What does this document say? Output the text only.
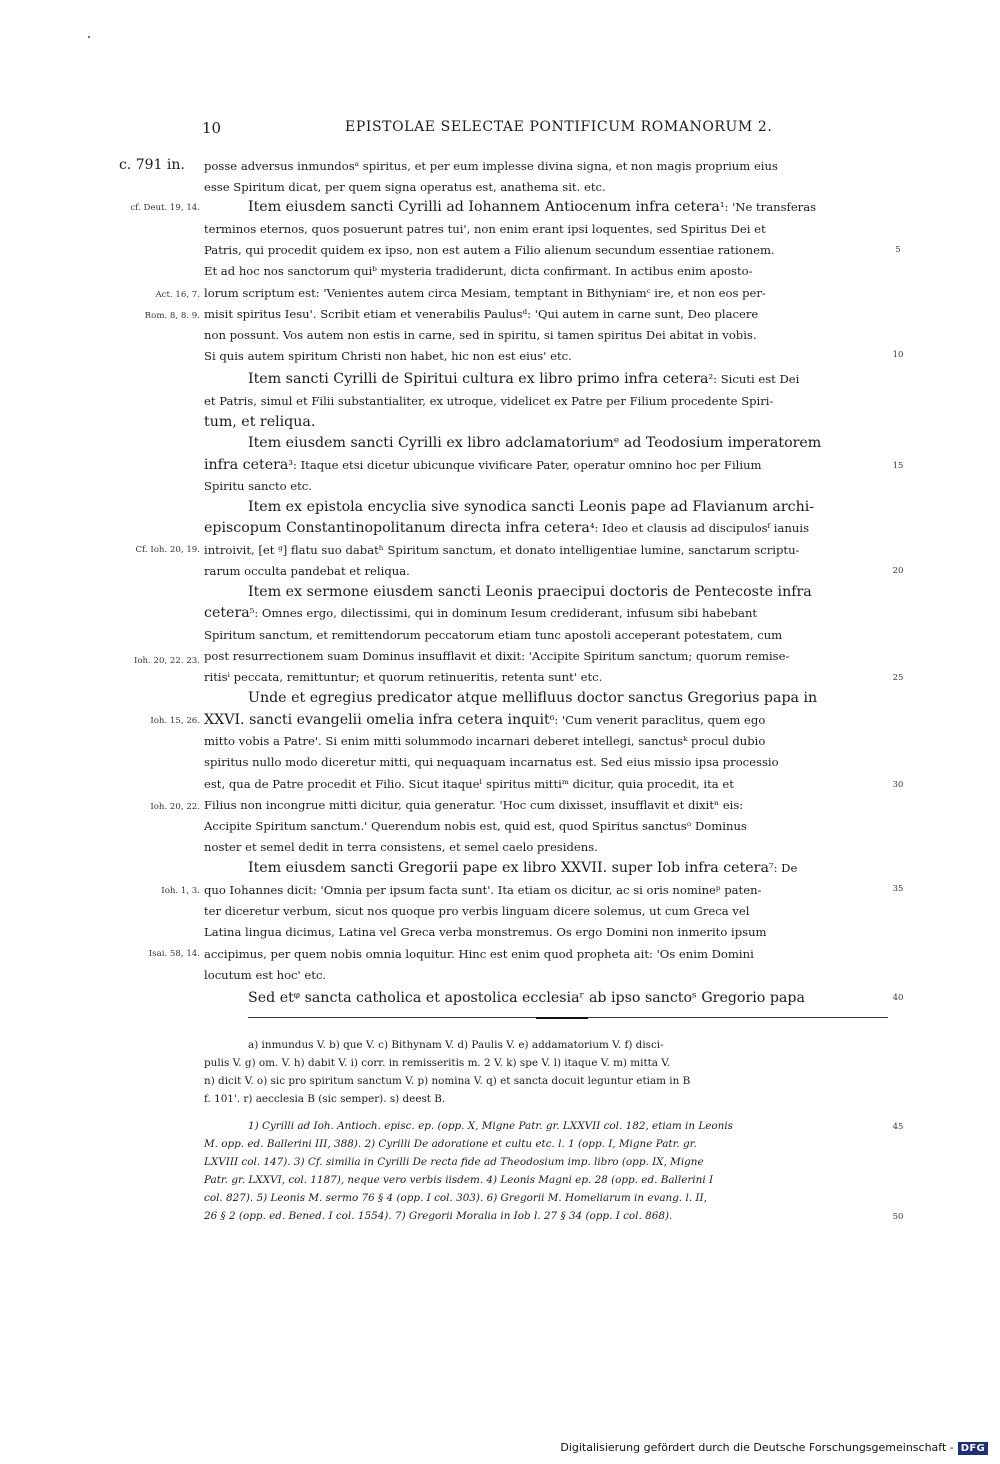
10	EPISTOLAE SELECTAE PONTIFICUM ROMANORUM 2.
c. 791 in.
cf. Deut. 19, 14.
Act. 16, 7.
Rom. 8, 8. 9.
Cf. Ioh. 20, 19.
Ioh. 20, 22. 23.
Ioh. 15, 26.
Ioh. 20, 22.
Ioh. 1, 3.
Isai. 58, 14.
5
10
15
20
25
30
35
40
45
50
posse adversus inmundosᵃ spiritus, et per eum implesse divina signa, et non magis proprium eius
esse Spiritum dicat, per quem signa operatus est, anathema sit. etc.
Item eiusdem sancti Cyrilli ad Iohannem Antiocenum infra cetera¹: 'Ne transferas
terminos eternos, quos posuerunt patres tui', non enim erant ipsi loquentes, sed Spiritus Dei et
Patris, qui procedit quidem ex ipso, non est autem a Filio alienum secundum essentiae rationem.
Et ad hoc nos sanctorum quiᵇ mysteria tradiderunt, dicta confirmant. In actibus enim aposto-
lorum scriptum est: 'Venientes autem circa Mesiam, temptant in Bithyniamᶜ ire, et non eos per-
misit spiritus Iesu'. Scribit etiam et venerabilis Paulusᵈ: 'Qui autem in carne sunt, Deo placere
non possunt. Vos autem non estis in carne, sed in spiritu, si tamen spiritus Dei abitat in vobis.
Si quis autem spiritum Christi non habet, hic non est eius' etc.
Item sancti Cyrilli de Spiritui cultura ex libro primo infra cetera²: Sicuti est Dei
et Patris, simul et Filii substantialiter, ex utroque, videlicet ex Patre per Filium procedente Spiri-
tum, et reliqua.
Item eiusdem sancti Cyrilli ex libro adclamatoriumᵉ ad Teodosium imperatorem
infra cetera³: Itaque etsi dicetur ubicunque vivificare Pater, operatur omnino hoc per Filium
Spiritu sancto etc.
Item ex epistola encyclia sive synodica sancti Leonis pape ad Flavianum archi-
episcopum Constantinopolitanum directa infra cetera⁴: Ideo et clausis ad discipulosᶠ ianuis
introivit, [et ᵍ] flatu suo dabatʰ Spiritum sanctum, et donato intelligentiae lumine, sanctarum scriptu-
rarum occulta pandebat et reliqua.
Item ex sermone eiusdem sancti Leonis praecipui doctoris de Pentecoste infra
cetera⁵: Omnes ergo, dilectissimi, qui in dominum Iesum crediderant, infusum sibi habebant
Spiritum sanctum, et remittendorum peccatorum etiam tunc apostoli acceperant potestatem, cum
post resurrectionem suam Dominus insufflavit et dixit: 'Accipite Spiritum sanctum; quorum remise-
ritisⁱ peccata, remittuntur; et quorum retinueritis, retenta sunt' etc.
Unde et egregius predicator atque mellifluus doctor sanctus Gregorius papa in
XXVI. sancti evangelii omelia infra cetera inquit⁶: 'Cum venerit paraclitus, quem ego
mitto vobis a Patre'. Si enim mitti solummodo incarnari deberet intellegi, sanctusᵏ procul dubio
spiritus nullo modo diceretur mitti, qui nequaquam incarnatus est. Sed eius missio ipsa processio
est, qua de Patre procedit et Filio. Sicut itaqueˡ spiritus mittiᵐ dicitur, quia procedit, ita et
Filius non incongrue mitti dicitur, quia generatur. 'Hoc cum dixisset, insufflavit et dixitⁿ eis:
Accipite Spiritum sanctum.' Querendum nobis est, quid est, quod Spiritus sanctusᵒ Dominus
noster et semel dedit in terra consistens, et semel caelo presidens.
Item eiusdem sancti Gregorii pape ex libro XXVII. super Iob infra cetera⁷: De
quo Iohannes dicit: 'Omnia per ipsum facta sunt'. Ita etiam os dicitur, ac si oris nomineᵖ paten-
ter diceretur verbum, sicut nos quoque pro verbis linguam dicere solemus, ut cum Greca vel
Latina lingua dicimus, Latina vel Greca verba monstremus. Os ergo Domini non inmerito ipsum
accipimus, per quem nobis omnia loquitur. Hinc est enim quod propheta ait: 'Os enim Domini
locutum est hoc' etc.
Sed etᵠ sancta catholica et apostolica ecclesiaʳ ab ipso sanctoˢ Gregorio papa
a) inmundus V. b) que V. c) Bithynam V. d) Paulis V. e) addamatorium V. f) disci-
pulis V. g) om. V. h) dabit V. i) corr. in remisseritis m. 2 V. k) spe V. l) itaque V. m) mitta V.
n) dicit V. o) sic pro spiritum sanctum V. p) nomina V. q) et sancta docuit leguntur etiam in B
f. 101'. r) aecclesia B (sic semper). s) deest B.
1) Cyrilli ad Ioh. Antioch. episc. ep. (opp. X, Migne Patr. gr. LXXVII col. 182, etiam in Leonis
M. opp. ed. Ballerini III, 388). 2) Cyrilli De adoratione et cultu etc. l. 1 (opp. I, Migne Patr. gr.
LXVIII col. 147). 3) Cf. similia in Cyrilli De recta fide ad Theodosium imp. libro (opp. IX, Migne
Patr. gr. LXXVI, col. 1187), neque vero verbis iisdem. 4) Leonis Magni ep. 28 (opp. ed. Ballerini I
col. 827). 5) Leonis M. sermo 76 § 4 (opp. I col. 303). 6) Gregorii M. Homeliarum in evang. l. II,
26 § 2 (opp. ed. Bened. I col. 1554). 7) Gregorii Moralia in Iob l. 27 § 34 (opp. I col. 868).
Digitalisierung gefördert durch die Deutsche Forschungsgemeinschaft - DFG
